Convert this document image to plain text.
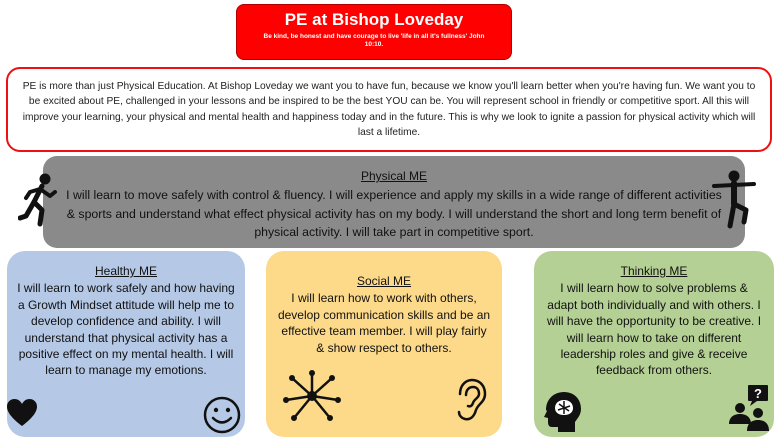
PE at Bishop Loveday

Be kind, be honest and have courage to live 'life in all it's fullness' John 10:10.

PE is more than just Physical Education. At Bishop Loveday we want you to have fun, because we know you'll learn better when you're having fun. We want you to be excited about PE, challenged in your lessons and be inspired to be the best YOU can be. You will represent school in friendly or competitive sport. All this will improve your learning, your physical and mental health and happiness today and in the future. This is why we look to ignite a passion for physical activity which will last a lifetime.
Physical ME
I will learn to move safely with control & fluency. I will experience and apply my skills in a wide range of different activities & sports and understand what effect physical activity has on my body. I will understand the short and long term benefit of physical activity. I will take part in competitive sport.
Healthy ME
I will learn to work safely and how having a Growth Mindset attitude will help me to develop confidence and ability. I will understand that physical activity has a positive effect on my mental health. I will learn to manage my emotions.
Social ME
I will learn how to work with others, develop communication skills and be an effective team member. I will play fairly & show respect to others.
Thinking ME
I will learn how to solve problems & adapt both individually and with others. I will have the opportunity to be creative. I will learn how to take on different leadership roles and give & receive feedback from others.
?
